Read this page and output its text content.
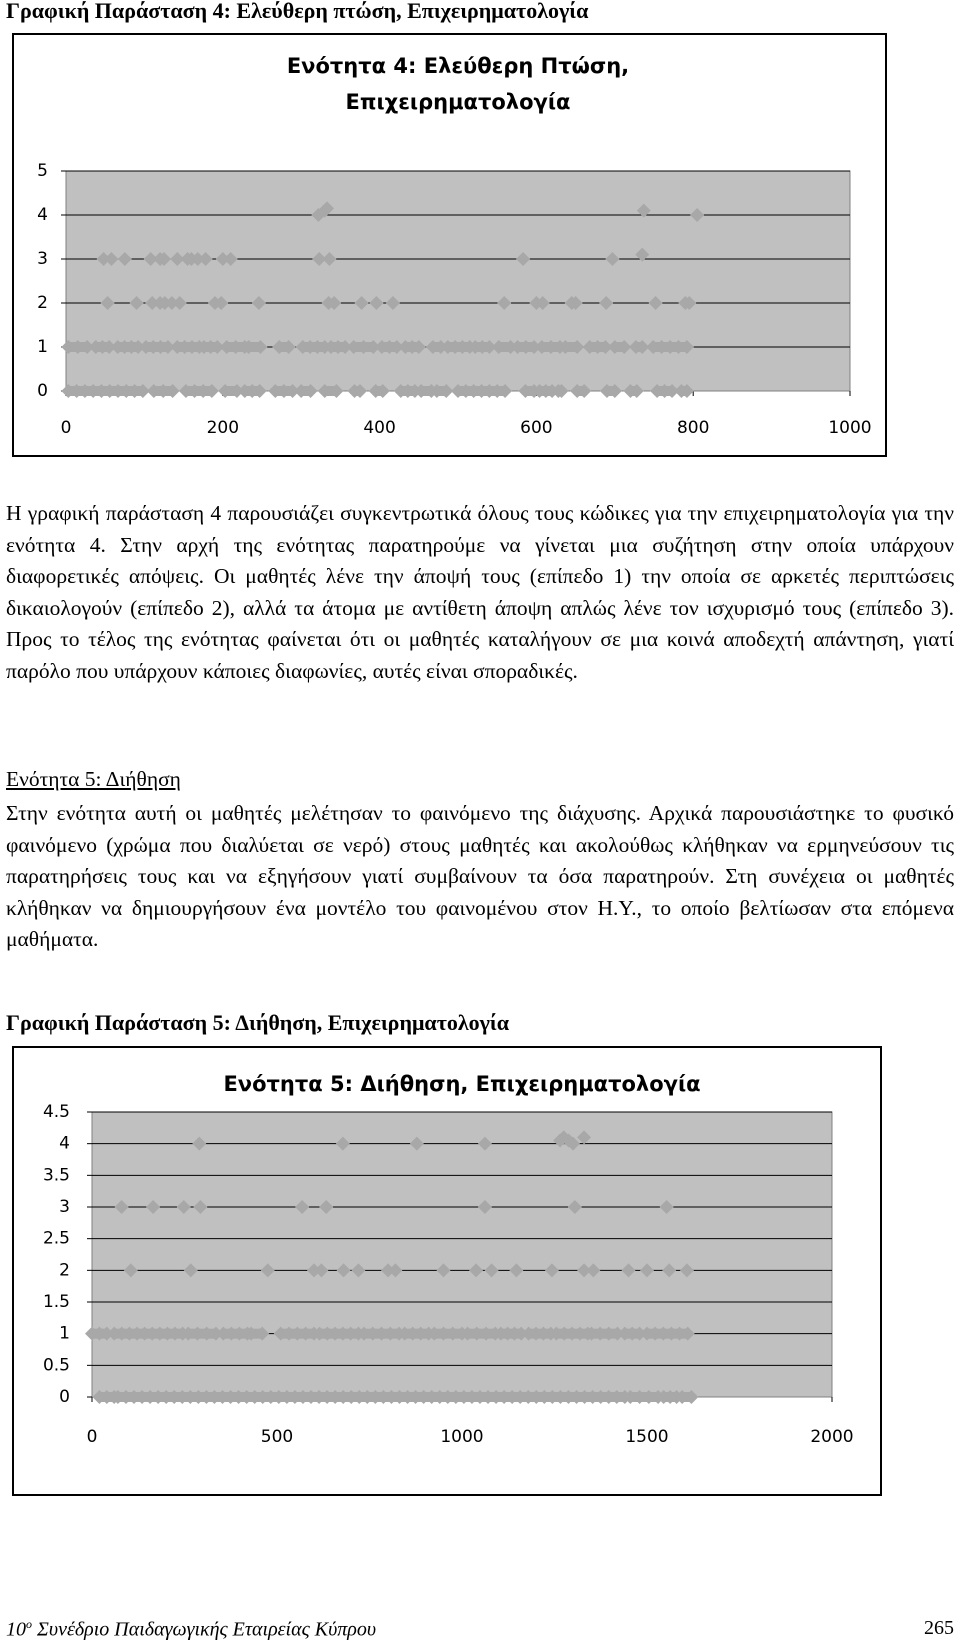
Γραφική Παράσταση 4: Ελεύθερη πτώση, Επιχειρηματολογία
Ενότητα 4: Ελεύθερη Πτώση,
Επιχειρηματολογία
0
1
2
3
4
5
0	200	400	600	800	1000

Η γραφική παράσταση 4 παρουσιάζει συγκεντρωτικά όλους τους κώδικες για την επιχειρηματολογία για την ενότητα 4. Στην αρχή της ενότητας παρατηρούμε να γίνεται μια συζήτηση στην οποία υπάρχουν διαφορετικές απόψεις. Οι μαθητές λένε την άποψή τους (επίπεδο 1) την οποία σε αρκετές περιπτώσεις δικαιολογούν (επίπεδο 2), αλλά τα άτομα με αντίθετη άποψη απλώς λένε τον ισχυρισμό τους (επίπεδο 3). Προς το τέλος της ενότητας φαίνεται ότι οι μαθητές καταλήγουν σε μια κοινά αποδεχτή απάντηση, γιατί παρόλο που υπάρχουν κάποιες διαφωνίες, αυτές είναι σποραδικές.

Ενότητα 5: Διήθηση

Στην ενότητα αυτή οι μαθητές μελέτησαν το φαινόμενο της διάχυσης. Αρχικά παρουσιάστηκε το φυσικό φαινόμενο (χρώμα που διαλύεται σε νερό) στους μαθητές και ακολούθως κλήθηκαν να ερμηνεύσουν τις παρατηρήσεις τους και να εξηγήσουν γιατί συμβαίνουν τα όσα παρατηρούν. Στη συνέχεια οι μαθητές κλήθηκαν να δημιουργήσουν ένα μοντέλο του φαινομένου στον Η.Υ., το οποίο βελτίωσαν στα επόμενα μαθήματα.

Γραφική Παράσταση 5: Διήθηση, Επιχειρηματολογία
Ενότητα 5: Διήθηση, Επιχειρηματολογία
0
0.5
1
1.5
2
2.5
3
3.5
4
4.5
0	500	1000	1500	2000
$10^o$ Συνέδριο Παιδαγωγικής Εταιρείας Κύπρου	265
